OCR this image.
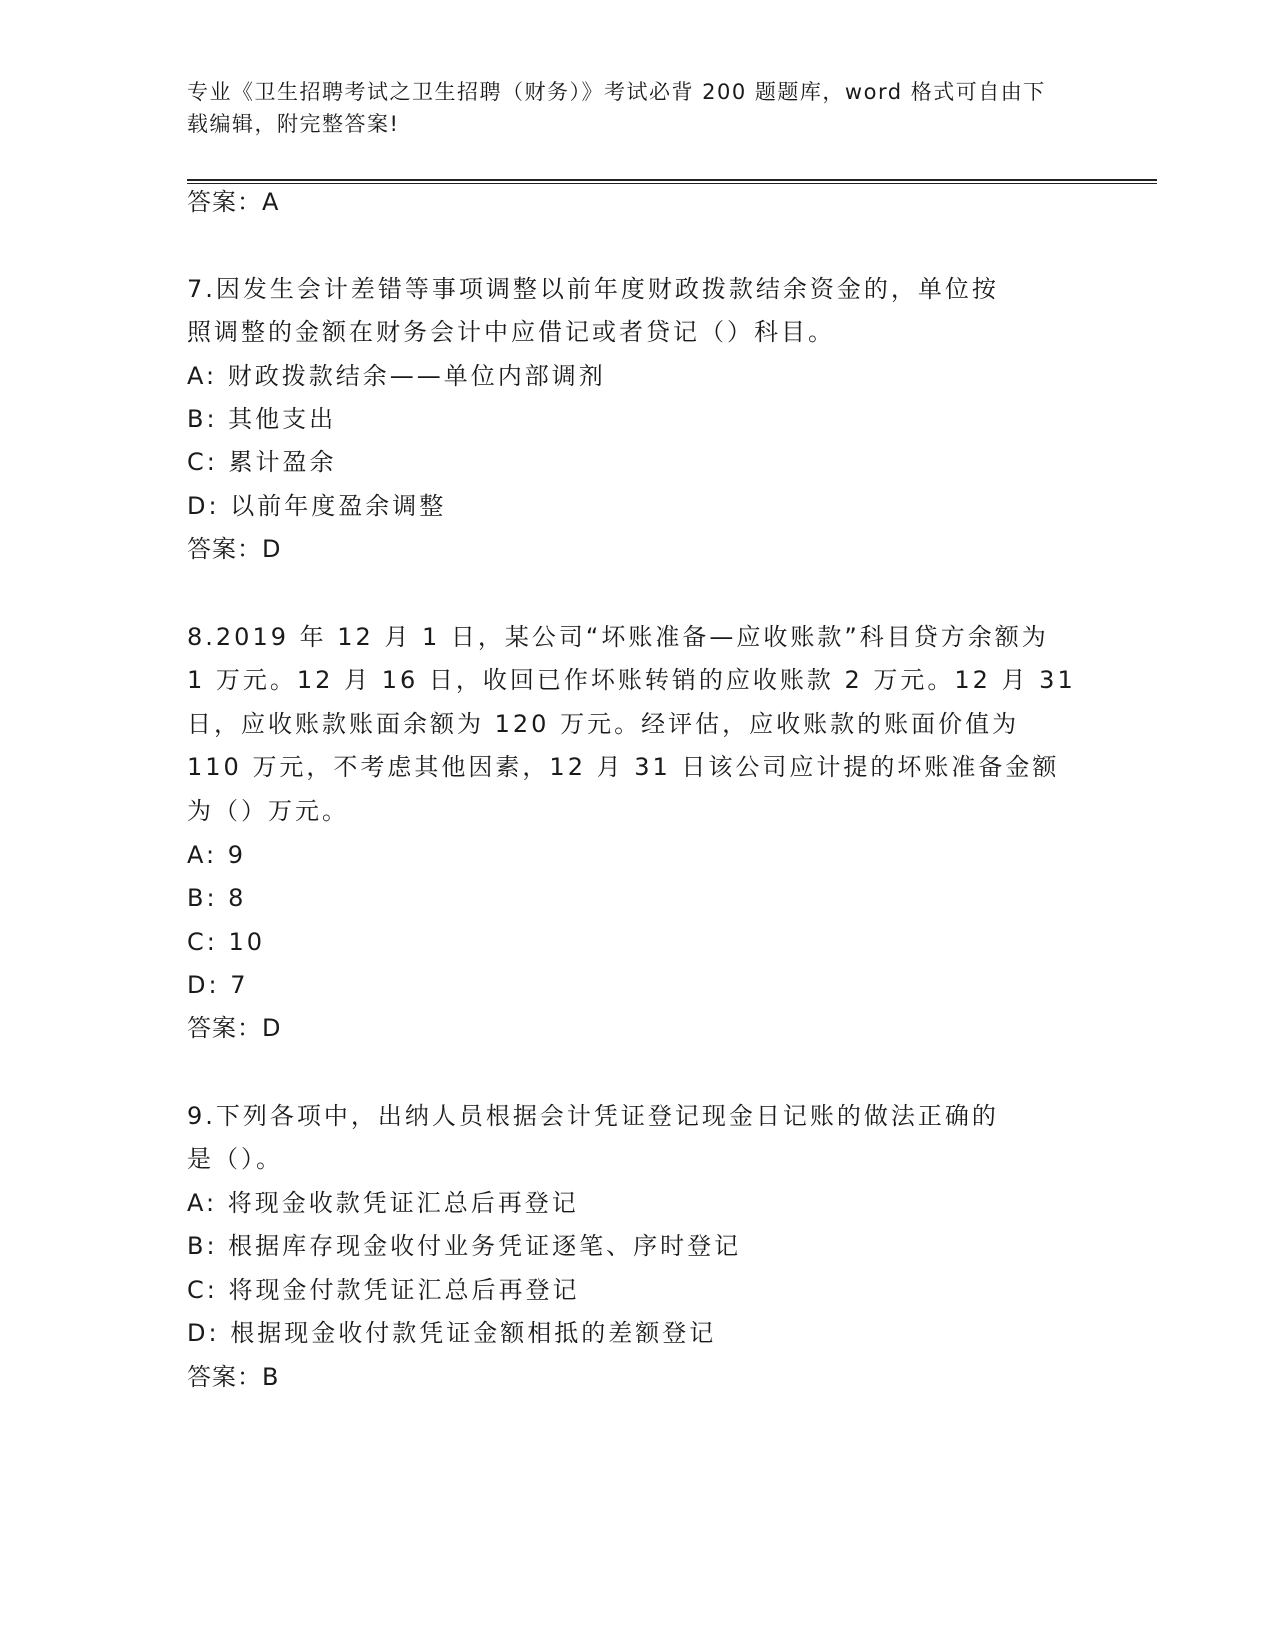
专业《卫生招聘考试之卫生招聘（财务）》考试必背 200 题题库，word 格式可自由下载编辑，附完整答案!
答案：A
7.因发生会计差错等事项调整以前年度财政拨款结余资金的，单位按
照调整的金额在财务会计中应借记或者贷记（）科目。
A: 财政拨款结余——单位内部调剂
B: 其他支出
C: 累计盈余
D: 以前年度盈余调整
答案：D
8.2019 年 12 月 1 日，某公司“坏账准备—应收账款”科目贷方余额为
1 万元。12 月 16 日，收回已作坏账转销的应收账款 2 万元。12 月 31
日，应收账款账面余额为 120 万元。经评估，应收账款的账面价值为
110 万元，不考虑其他因素，12 月 31 日该公司应计提的坏账准备金额
为（）万元。
A: 9
B: 8
C: 10
D: 7
答案：D
9.下列各项中，出纳人员根据会计凭证登记现金日记账的做法正确的
是（）。
A: 将现金收款凭证汇总后再登记
B: 根据库存现金收付业务凭证逐笔、序时登记
C: 将现金付款凭证汇总后再登记
D: 根据现金收付款凭证金额相抵的差额登记
答案：B
